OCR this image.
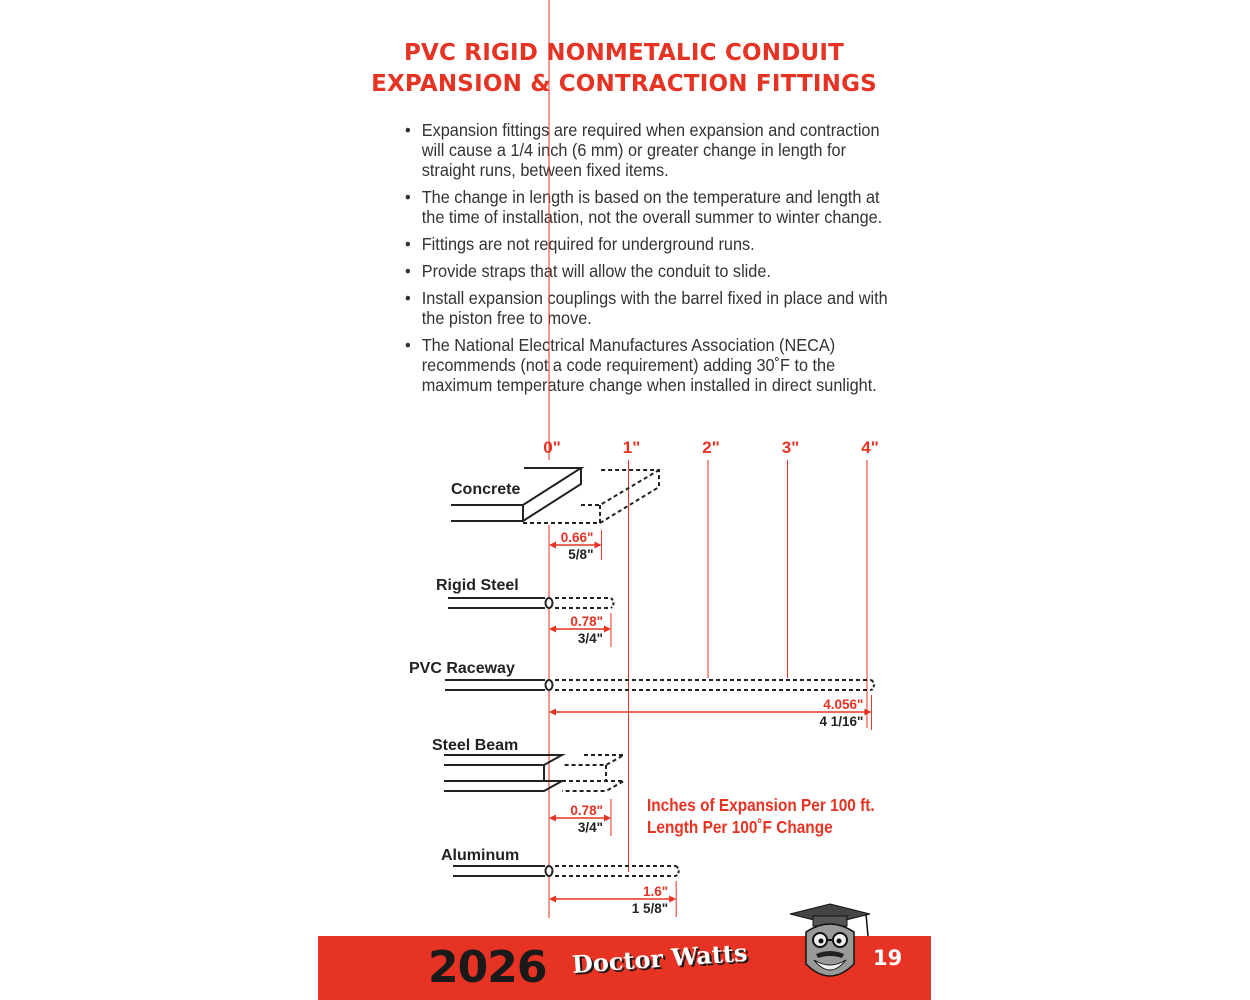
PVC RIGID NONMETALIC CONDUIT
EXPANSION & CONTRACTION FITTINGS
• Expansion fittings are required when expansion and contraction will cause a 1/4 inch (6 mm) or greater change in length for straight runs, between fixed items.
• The change in length is based on the temperature and length at the time of installation, not the overall summer to winter change.
• Fittings are not required for underground runs.
• Provide straps that will allow the conduit to slide.
• Install expansion couplings with the barrel fixed in place and with the piston free to move.
• The National Electrical Manufactures Association (NECA) recommends (not a code requirement) adding 30˚F to the maximum temperature change when installed in direct sunlight.
0"	1"	2"	3"	4"
Concrete
0.66"
5/8"
Rigid Steel
0.78"
3/4"
PVC Raceway
4.056"
4 1/16"
Steel Beam
0.78"
3/4"
Aluminum
1.6"
1 5/8"
Inches of Expansion Per 100 ft.
Length Per 100˚F Change
2026 Doctor Watts	19
